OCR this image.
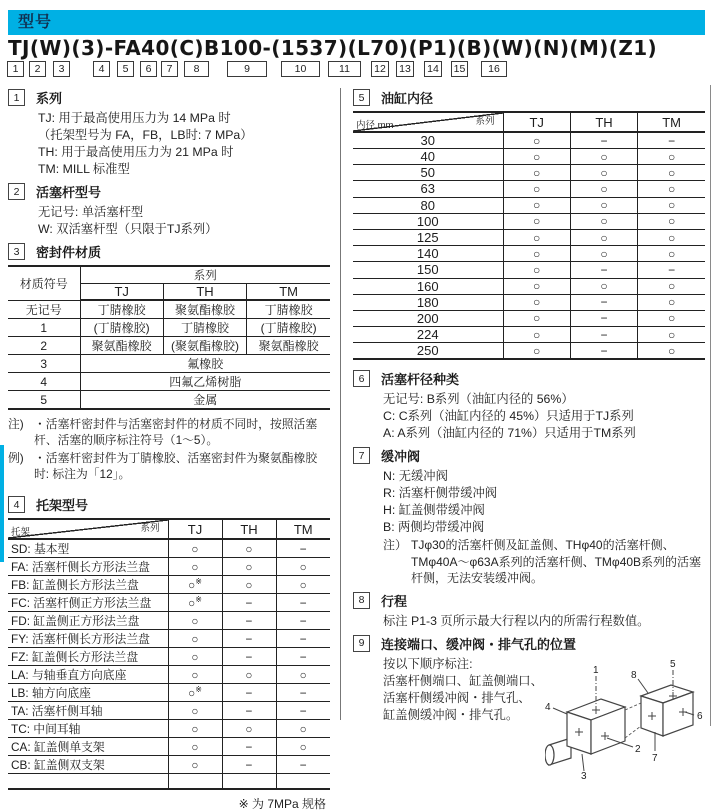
型号
TJ(W)(3)-FA40(C)B100-(1537)(L70)(P1)(B)(W)(N)(M)(Z1)
1	2	3	4	5	6	7	8	9	10	11	12	13	14	15	16
1	系列
TJ: 用于最高使用压力为 14 MPa 时
（托架型号为 FA，FB，LB时: 7 MPa）
TH: 用于最高使用压力为 21 MPa 时
TM: MILL 标准型
2	活塞杆型号
无记号: 单活塞杆型
W: 双活塞杆型（只限于TJ系列）
3	密封件材质
材质符号	系列		
	TJ	TH	TM
无记号	丁腈橡胶	聚氨酯橡胶	丁腈橡胶
1	(丁腈橡胶)	丁腈橡胶	(丁腈橡胶)
2	聚氨酯橡胶	(聚氨酯橡胶)	聚氨酯橡胶
3	氟橡胶		
4	四氟乙烯树脂		
5	金属		
注) ・活塞杆密封件与活塞密封件的材质不同时，按照活塞杆、活塞的顺序标注符号（1～5）。
例) ・活塞杆密封件为丁腈橡胶、活塞密封件为聚氨酯橡胶时: 标注为「12」。
4	托架型号
系列
托架	TJ	TH	TM
SD: 基本型	○	○	−
FA: 活塞杆侧长方形法兰盘	○	○	○
FB: 缸盖侧长方形法兰盘	○※	○	○
FC: 活塞杆侧正方形法兰盘	○※	−	−
FD: 缸盖侧正方形法兰盘	○	−	−
FY: 活塞杆侧长方形法兰盘	○	−	−
FZ: 缸盖侧长方形法兰盘	○	−	−
LA: 与轴垂直方向底座	○	○	○
LB: 轴方向底座	○※	−	−
TA: 活塞杆侧耳轴	○	−	−
TC: 中间耳轴	○	○	○
CA: 缸盖侧单支架	○	−	○
CB: 缸盖侧双支架	○	−	−

※ 为 7MPa 规格
5	油缸内径
系列
内径 mm	TJ	TH	TM
30	○	−	−
40	○	○	○
50	○	○	○
63	○	○	○
80	○	○	○
100	○	○	○
125	○	○	○
140	○	○	○
150	○	−	−
160	○	○	○
180	○	−	○
200	○	−	○
224	○	−	○
250	○	−	○
6	活塞杆径种类
无记号: B系列（油缸内径的 56%）
C: C系列（油缸内径的 45%）只适用于TJ系列
A: A系列（油缸内径的 71%）只适用于TM系列
7	缓冲阀
N: 无缓冲阀
R: 活塞杆侧带缓冲阀
H: 缸盖侧带缓冲阀
B: 两侧均带缓冲阀
注） TJφ30的活塞杆侧及缸盖侧、THφ40的活塞杆侧、TMφ40A～φ63A系列的活塞杆侧、TMφ40B系列的活塞杆侧，无法安装缓冲阀。
8	行程
标注 P1-3 页所示最大行程以内的所需行程数值。
9	连接端口、缓冲阀・排气孔的位置
按以下顺序标注:
活塞杆侧端口、缸盖侧端口、
活塞杆侧缓冲阀・排气孔、
缸盖侧缓冲阀・排气孔。
1
2
3
4
5
6
7
8
